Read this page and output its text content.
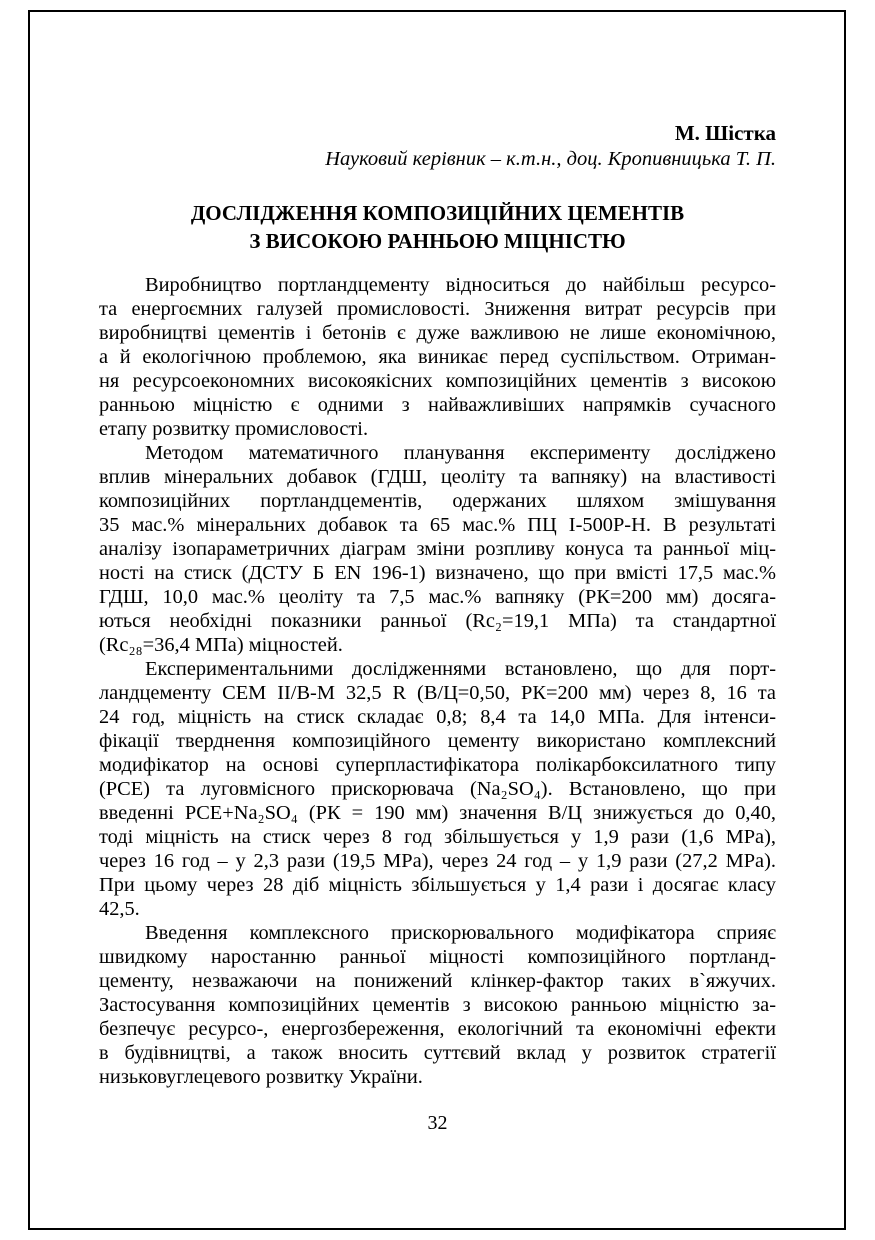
М. Шістка
Науковий керівник – к.т.н., доц. Кропивницька Т. П.
ДОСЛІДЖЕННЯ КОМПОЗИЦІЙНИХ ЦЕМЕНТІВ
З ВИСОКОЮ РАННЬОЮ МІЦНІСТЮ
Виробництво портландцементу відноситься до найбільш ресурсо-
та енергоємних галузей промисловості. Зниження витрат ресурсів при
виробництві цементів і бетонів є дуже важливою не лише економічною,
а й екологічною проблемою, яка виникає перед суспільством. Отриман-
ня ресурсоекономних високоякісних композиційних цементів з високою
ранньою міцністю є одними з найважливіших напрямків сучасного
етапу розвитку промисловості.
Методом математичного планування експерименту досліджено
вплив мінеральних добавок (ГДШ, цеоліту та вапняку) на властивості
композиційних портландцементів, одержаних шляхом змішування
35 мас.% мінеральних добавок та 65 мас.% ПЦ І-500Р-Н. В результаті
аналізу ізопараметричних діаграм зміни розпливу конуса та ранньої міц-
ності на стиск (ДСТУ Б EN 196-1) визначено, що при вмісті 17,5 мас.%
ГДШ, 10,0 мас.% цеоліту та 7,5 мас.% вапняку (РК=200 мм) досяга-
ються необхідні показники ранньої (Rc₂=19,1 МПа) та стандартної
(Rc₂₈=36,4 МПа) міцностей.
Експериментальними дослідженнями встановлено, що для порт-
ландцементу CEM II/B-M 32,5 R (В/Ц=0,50, РК=200 мм) через 8, 16 та
24 год, міцність на стиск складає 0,8; 8,4 та 14,0 МПа. Для інтенси-
фікації тверднення композиційного цементу використано комплексний
модифікатор на основі суперпластифікатора полікарбоксилатного типу
(PCE) та луговмісного прискорювача (Na₂SO₄). Встановлено, що при
введенні PCE+Na₂SO₄ (РК = 190 мм) значення В/Ц знижується до 0,40,
тоді міцність на стиск через 8 год збільшується у 1,9 рази (1,6 МРа),
через 16 год – у 2,3 рази (19,5 МРа), через 24 год – у 1,9 рази (27,2 МРа).
При цьому через 28 діб міцність збільшується у 1,4 рази і досягає класу
42,5.
Введення комплексного прискорювального модифікатора сприяє
швидкому наростанню ранньої міцності композиційного портланд-
цементу, незважаючи на понижений клінкер-фактор таких в`яжучих.
Застосування композиційних цементів з високою ранньою міцністю за-
безпечує ресурсо-, енергозбереження, екологічний та економічні ефекти
в будівництві, а також вносить суттєвий вклад у розвиток стратегії
низьковуглецевого розвитку України.
32
